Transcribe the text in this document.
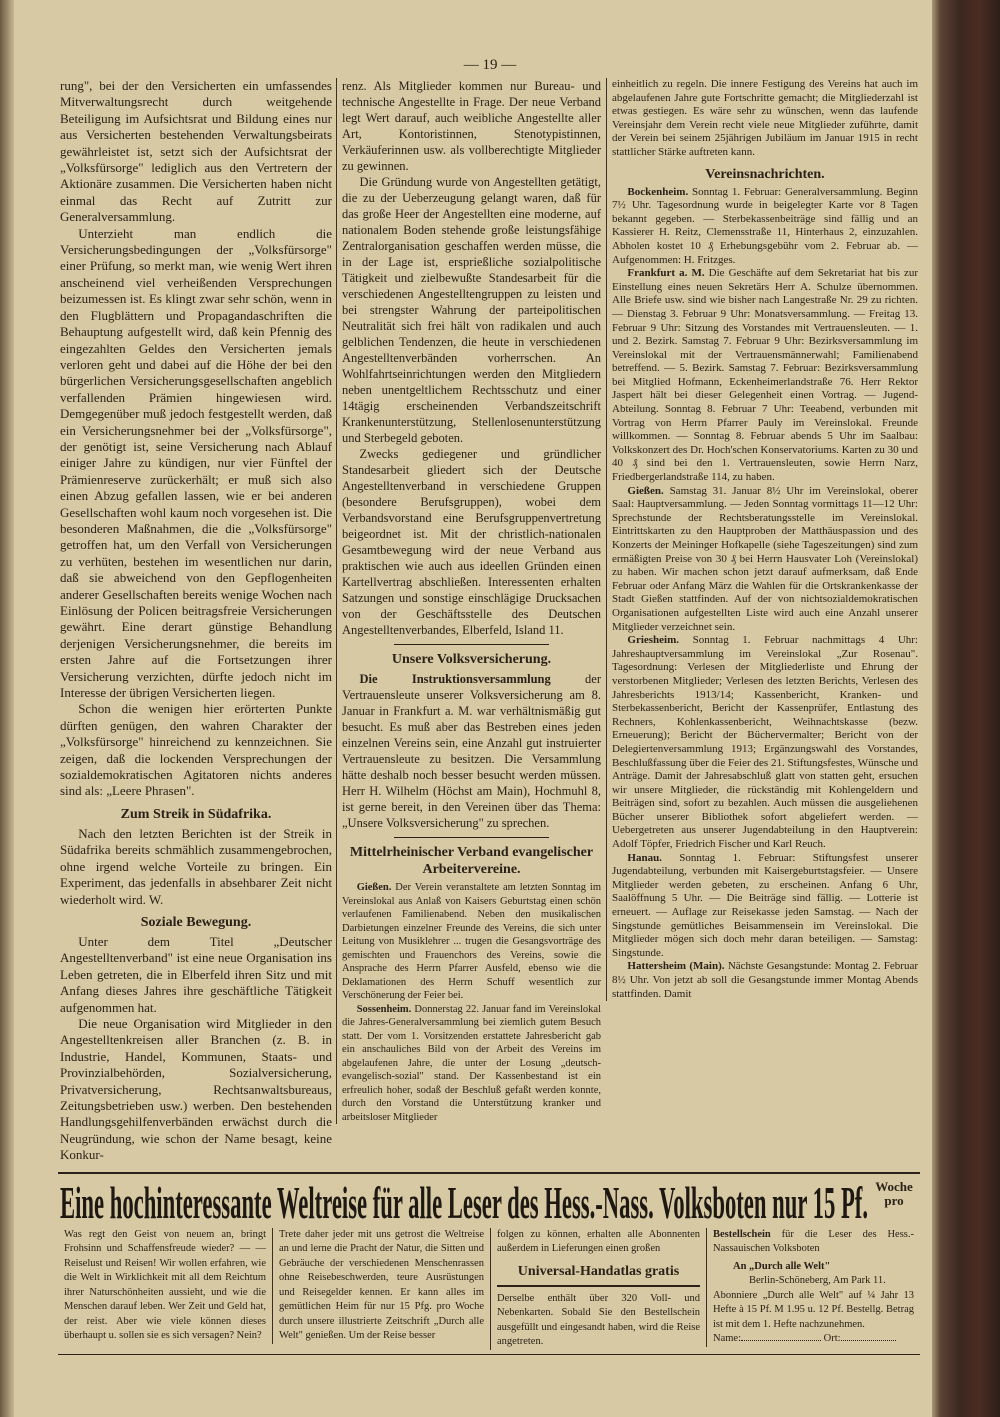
— 19 —

rung", bei der den Versicherten ein umfassendes Mitverwaltungsrecht durch weitgehende Beteiligung im Aufsichtsrat und Bildung eines nur aus Versicherten bestehenden Verwaltungsbeirats gewährleistet ist, setzt sich der Aufsichtsrat der „Volksfürsorge" lediglich aus den Vertretern der Aktionäre zusammen. Die Versicherten haben nicht einmal das Recht auf Zutritt zur Generalversammlung.

Unterzieht man endlich die Versicherungsbedingungen der „Volksfürsorge" einer Prüfung, so merkt man, wie wenig Wert ihren anscheinend viel verheißenden Versprechungen beizumessen ist. Es klingt zwar sehr schön, wenn in den Flugblättern und Propagandaschriften die Behauptung aufgestellt wird, daß kein Pfennig des eingezahlten Geldes den Versicherten jemals verloren geht und dabei auf die Höhe der bei den bürgerlichen Versicherungsgesellschaften angeblich verfallenden Prämien hingewiesen wird. Demgegenüber muß jedoch festgestellt werden, daß ein Versicherungsnehmer bei der „Volksfürsorge", der genötigt ist, seine Versicherung nach Ablauf einiger Jahre zu kündigen, nur vier Fünftel der Prämienreserve zurückerhält; er muß sich also einen Abzug gefallen lassen, wie er bei anderen Gesellschaften wohl kaum noch vorgesehen ist. Die besonderen Maßnahmen, die die „Volksfürsorge" getroffen hat, um den Verfall von Versicherungen zu verhüten, bestehen im wesentlichen nur darin, daß sie abweichend von den Gepflogenheiten anderer Gesellschaften bereits wenige Wochen nach Einlösung der Policen beitragsfreie Versicherungen gewährt. Eine derart günstige Behandlung derjenigen Versicherungsnehmer, die bereits im ersten Jahre auf die Fortsetzungen ihrer Versicherung verzichten, dürfte jedoch nicht im Interesse der übrigen Versicherten liegen.

Schon die wenigen hier erörterten Punkte dürften genügen, den wahren Charakter der „Volksfürsorge" hinreichend zu kennzeichnen. Sie zeigen, daß die lockenden Versprechungen der sozialdemokratischen Agitatoren nichts anderes sind als: „Leere Phrasen".

Zum Streik in Südafrika.

Nach den letzten Berichten ist der Streik in Südafrika bereits schmählich zusammengebrochen, ohne irgend welche Vorteile zu bringen. Ein Experiment, das jedenfalls in absehbarer Zeit nicht wiederholt wird. W.

Soziale Bewegung.

Unter dem Titel „Deutscher Angestelltenverband" ist eine neue Organisation ins Leben getreten, die in Elberfeld ihren Sitz und mit Anfang dieses Jahres ihre geschäftliche Tätigkeit aufgenommen hat.

Die neue Organisation wird Mitglieder in den Angestelltenkreisen aller Branchen (z. B. in Industrie, Handel, Kommunen, Staats- und Provinzialbehörden, Sozialversicherung, Privatversicherung, Rechtsanwaltsbureaus, Zeitungsbetrieben usw.) werben. Den bestehenden Handlungsgehilfenverbänden erwächst durch die Neugründung, wie schon der Name besagt, keine Konkur-

renz. Als Mitglieder kommen nur Bureau- und technische Angestellte in Frage. Der neue Verband legt Wert darauf, auch weibliche Angestellte aller Art, Kontoristinnen, Stenotypistinnen, Verkäuferinnen usw. als vollberechtigte Mitglieder zu gewinnen.

Die Gründung wurde von Angestellten getätigt, die zu der Ueberzeugung gelangt waren, daß für das große Heer der Angestellten eine moderne, auf nationalem Boden stehende große leistungsfähige Zentralorganisation geschaffen werden müsse, die in der Lage ist, ersprießliche sozialpolitische Tätigkeit und zielbewußte Standesarbeit für die verschiedenen Angestelltengruppen zu leisten und bei strengster Wahrung der parteipolitischen Neutralität sich frei hält von radikalen und auch gelblichen Tendenzen, die heute in verschiedenen Angestelltenverbänden vorherrschen. An Wohlfahrtseinrichtungen werden den Mitgliedern neben unentgeltlichem Rechtsschutz und einer 14tägig erscheinenden Verbandszeitschrift Krankenunterstützung, Stellenlosenunterstützung und Sterbegeld geboten.

Zwecks gediegener und gründlicher Standesarbeit gliedert sich der Deutsche Angestelltenverband in verschiedene Gruppen (besondere Berufsgruppen), wobei dem Verbandsvorstand eine Berufsgruppenvertretung beigeordnet ist. Mit der christlich-nationalen Gesamtbewegung wird der neue Verband aus praktischen wie auch aus ideellen Gründen einen Kartellvertrag abschließen. Interessenten erhalten Satzungen und sonstige einschlägige Drucksachen von der Geschäftsstelle des Deutschen Angestelltenverbandes, Elberfeld, Island 11.

Unsere Volksversicherung.

Die Instruktionsversammlung der Vertrauensleute unserer Volksversicherung am 8. Januar in Frankfurt a. M. war verhältnismäßig gut besucht. Es muß aber das Bestreben eines jeden einzelnen Vereins sein, eine Anzahl gut instruierter Vertrauensleute zu besitzen. Die Versammlung hätte deshalb noch besser besucht werden müssen. Herr H. Wilhelm (Höchst am Main), Hochmuhl 8, ist gerne bereit, in den Vereinen über das Thema: „Unsere Volksversicherung" zu sprechen.

Mittelrheinischer Verband evangelischer Arbeitervereine.

Gießen. Der Verein veranstaltete am letzten Sonntag im Vereinslokal aus Anlaß von Kaisers Geburtstag einen schön verlaufenen Familienabend. Neben den musikalischen Darbietungen einzelner Freunde des Vereins, die sich unter Leitung von Musiklehrer ... trugen die Gesangsvorträge des gemischten und Frauenchors des Vereins, sowie die Ansprache des Herrn Pfarrer Ausfeld, ebenso wie die Deklamationen des Herrn Schuff wesentlich zur Verschönerung der Feier bei.

Sossenheim. Donnerstag 22. Januar fand im Vereinslokal die Jahres-Generalversammlung bei ziemlich gutem Besuch statt. Der vom 1. Vorsitzenden erstattete Jahresbericht gab ein anschauliches Bild von der Arbeit des Vereins im abgelaufenen Jahre, die unter der Losung „deutsch-evangelisch-sozial" stand. Der Kassenbestand ist ein erfreulich hoher, sodaß der Beschluß gefaßt werden konnte, durch den Vorstand die Unterstützung kranker und arbeitsloser Mitglieder

einheitlich zu regeln. Die innere Festigung des Vereins hat auch im abgelaufenen Jahre gute Fortschritte gemacht; die Mitgliederzahl ist etwas gestiegen. Es wäre sehr zu wünschen, wenn das laufende Vereinsjahr dem Verein recht viele neue Mitglieder zuführte, damit der Verein bei seinem 25jährigen Jubiläum im Januar 1915 in recht stattlicher Stärke auftreten kann.

Vereinsnachrichten.

Bockenheim. Sonntag 1. Februar: Generalversammlung. Beginn 7½ Uhr. Tagesordnung wurde in beigelegter Karte vor 8 Tagen bekannt gegeben. — Sterbekassenbeiträge sind fällig und an Kassierer H. Reitz, Clemensstraße 11, Hinterhaus 2, einzuzahlen. Abholen kostet 10 ₰ Erhebungsgebühr vom 2. Februar ab. — Aufgenommen: H. Fritzges.

Frankfurt a. M. Die Geschäfte auf dem Sekretariat hat bis zur Einstellung eines neuen Sekretärs Herr A. Schulze übernommen. Alle Briefe usw. sind wie bisher nach Langestraße Nr. 29 zu richten. — Dienstag 3. Februar 9 Uhr: Monatsversammlung. — Freitag 13. Februar 9 Uhr: Sitzung des Vorstandes mit Vertrauensleuten. — 1. und 2. Bezirk. Samstag 7. Februar 9 Uhr: Bezirksversammlung im Vereinslokal mit der Vertrauensmännerwahl; Familienabend betreffend. — 5. Bezirk. Samstag 7. Februar: Bezirksversammlung bei Mitglied Hofmann, Eckenheimerlandstraße 76. Herr Rektor Jaspert hält bei dieser Gelegenheit einen Vortrag. — Jugend-Abteilung. Sonntag 8. Februar 7 Uhr: Teeabend, verbunden mit Vortrag von Herrn Pfarrer Pauly im Vereinslokal. Freunde willkommen. — Sonntag 8. Februar abends 5 Uhr im Saalbau: Volkskonzert des Dr. Hoch'schen Konservatoriums. Karten zu 30 und 40 ₰ sind bei den 1. Vertrauensleuten, sowie Herrn Narz, Friedbergerlandstraße 114, zu haben.

Gießen. Samstag 31. Januar 8½ Uhr im Vereinslokal, oberer Saal: Hauptversammlung. — Jeden Sonntag vormittags 11—12 Uhr: Sprechstunde der Rechtsberatungsstelle im Vereinslokal. Eintrittskarten zu den Hauptproben der Matthäuspassion und des Konzerts der Meininger Hofkapelle (siehe Tageszeitungen) sind zum ermäßigten Preise von 30 ₰ bei Herrn Hausvater Loh (Vereinslokal) zu haben. Wir machen schon jetzt darauf aufmerksam, daß Ende Februar oder Anfang März die Wahlen für die Ortskrankenkasse der Stadt Gießen stattfinden. Auf der von nichtsozialdemokratischen Organisationen aufgestellten Liste wird auch eine Anzahl unserer Mitglieder verzeichnet sein.

Griesheim. Sonntag 1. Februar nachmittags 4 Uhr: Jahreshauptversammlung im Vereinslokal „Zur Rosenau". Tagesordnung: Verlesen der Mitgliederliste und Ehrung der verstorbenen Mitglieder; Verlesen des letzten Berichts, Verlesen des Jahresberichts 1913/14; Kassenbericht, Kranken- und Sterbekassenbericht, Bericht der Kassenprüfer, Entlastung des Rechners, Kohlenkassenbericht, Weihnachtskasse (bezw. Erneuerung); Bericht der Büchervermalter; Bericht von der Delegiertenversammlung 1913; Ergänzungswahl des Vorstandes, Beschlußfassung über die Feier des 21. Stiftungsfestes, Wünsche und Anträge. Damit der Jahresabschluß glatt von statten geht, ersuchen wir unsere Mitglieder, die rückständig mit Kohlengeldern und Beiträgen sind, sofort zu bezahlen. Auch müssen die ausgeliehenen Bücher unserer Bibliothek sofort abgeliefert werden. — Uebergetreten aus unserer Jugendabteilung in den Hauptverein: Adolf Töpfer, Friedrich Fischer und Karl Reuch.

Hanau. Sonntag 1. Februar: Stiftungsfest unserer Jugendabteilung, verbunden mit Kaisergeburtstagsfeier. — Unsere Mitglieder werden gebeten, zu erscheinen. Anfang 6 Uhr, Saalöffnung 5 Uhr. — Die Beiträge sind fällig. — Lotterie ist erneuert. — Auflage zur Reisekasse jeden Samstag. — Nach der Singstunde gemütliches Beisammensein im Vereinslokal. Die Mitglieder mögen sich doch mehr daran beteiligen. — Samstag: Singstunde.

Hattersheim (Main). Nächste Gesangstunde: Montag 2. Februar 8½ Uhr. Von jetzt ab soll die Gesangstunde immer Montag Abends stattfinden. Damit

Eine hochinteressante Weltreise für alle Leser des Hess.-Nass. Volksboten nur 15 Pf. Woche
pro

Was regt den Geist von neuem an, bringt Frohsinn und Schaffensfreude wieder? — — Reiselust und Reisen! Wir wollen erfahren, wie die Welt in Wirklichkeit mit all dem Reichtum ihrer Naturschönheiten aussieht, und wie die Menschen darauf leben. Wer Zeit und Geld hat, der reist. Aber wie viele können dieses überhaupt u. sollen sie es sich versagen? Nein?

Trete daher jeder mit uns getrost die Weltreise an und lerne die Pracht der Natur, die Sitten und Gebräuche der verschiedenen Menschenrassen ohne Reisebeschwerden, teure Ausrüstungen und Reisegelder kennen. Er kann alles im gemütlichen Heim für nur 15 Pfg. pro Woche durch unsere illustrierte Zeitschrift „Durch alle Welt" genießen. Um der Reise besser

folgen zu können, erhalten alle Abonnenten außerdem in Lieferungen einen großen

Universal-Handatlas gratis

Derselbe enthält über 320 Voll- und Nebenkarten. Sobald Sie den Bestellschein ausgefüllt und eingesandt haben, wird die Reise angetreten.

Bestellschein für die Leser des Hess.-Nassauischen Volksboten

An „Durch alle Welt"

Berlin-Schöneberg, Am Park 11.

Abonniere „Durch alle Welt" auf ¼ Jahr 13 Hefte à 15 Pf. M 1.95 u. 12 Pf. Bestellg. Betrag ist mit dem 1. Hefte nachzunehmen.

Name:	Ort:
